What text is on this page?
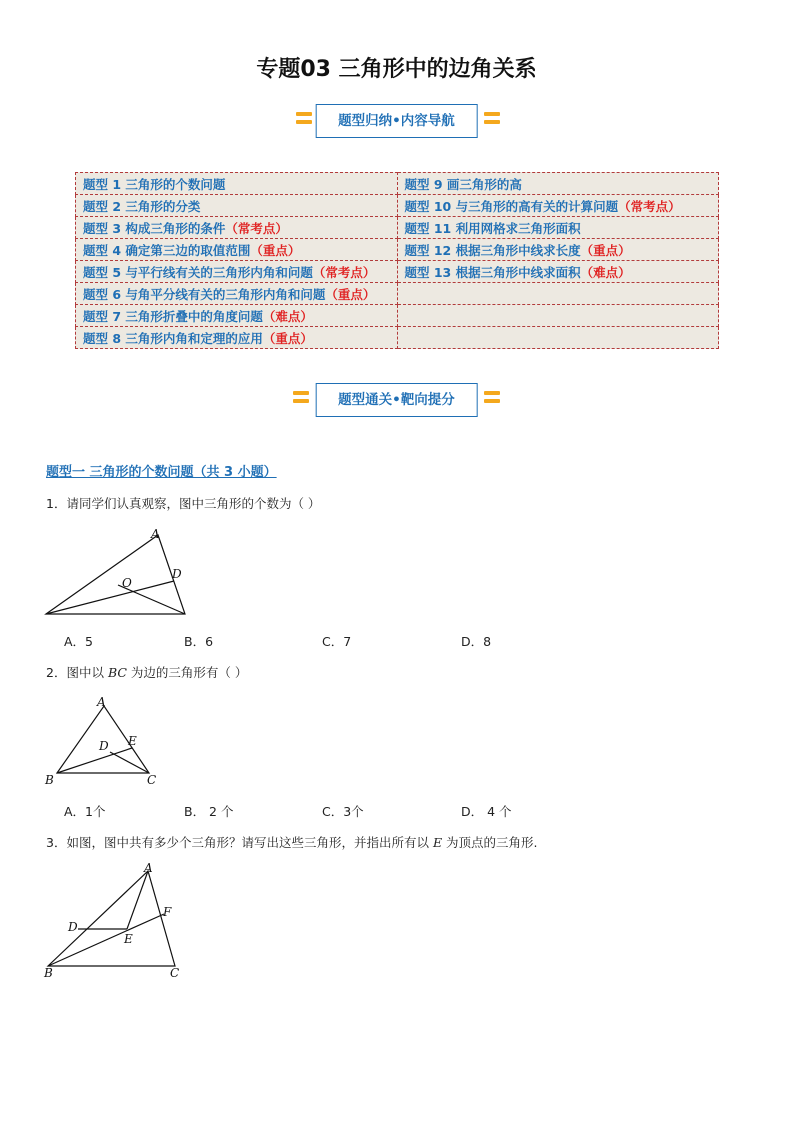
专题03 三角形中的边角关系
题型归纳•内容导航
题型 1 三角形的个数问题	题型 9 画三角形的高
题型 2 三角形的分类	题型 10 与三角形的高有关的计算问题（常考点）
题型 3 构成三角形的条件（常考点）	题型 11 利用网格求三角形面积
题型 4 确定第三边的取值范围（重点）	题型 12 根据三角形中线求长度（重点）
题型 5 与平行线有关的三角形内角和问题（常考点）	题型 13 根据三角形中线求面积（难点）
题型 6 与角平分线有关的三角形内角和问题（重点）	
题型 7 三角形折叠中的角度问题（难点）	
题型 8 三角形内角和定理的应用（重点）	
题型通关•靶向提分
题型一 三角形的个数问题（共 3 小题）
1．请同学们认真观察，图中三角形的个数为（ ）
A
D
O
A．5	B．6	C．7	D．8
2．图中以 BC 为边的三角形有（ ）
A
B	C
D E
A．1个	B． 2 个	C．3个	D． 4 个
3．如图，图中共有多少个三角形？请写出这些三角形，并指出所有以 E 为顶点的三角形.
A
B	C
D
E
F
